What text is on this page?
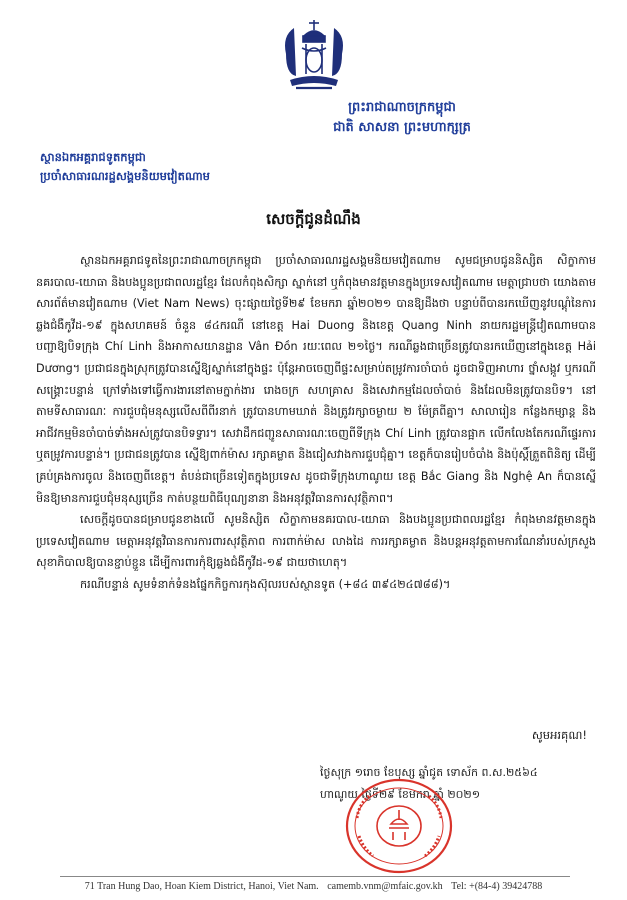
ព្រះរាជាណាចក្រកម្ពុជា
ជាតិ សាសនា ព្រះមហាក្សត្រ
ស្ថានឯកអគ្គរាជទូតកម្ពុជា
ប្រចាំសាធារណរដ្ឋសង្គមនិយមវៀតណាម
សេចក្តីជូនដំណឹង

ស្ថានឯកអគ្គរាជទូតនៃព្រះរាជាណាចក្រកម្ពុជា ប្រចាំសាធារណរដ្ឋសង្គមនិយមវៀតណាម សូមជម្រាបជូននិស្សិត សិក្ខាកាមនគរបាល-យោធា និងបងប្អូនប្រជាពលរដ្ឋខ្មែរ ដែលកំពុងសិក្សា ស្នាក់នៅ ឬកំពុងមានវត្តមានក្នុងប្រទេសវៀតណាម មេត្តាជ្រាបថា យោងតាមសារព័ត៌មានវៀតណាម (Viet Nam News) ចុះផ្សាយថ្ងៃទី២៩ ខែមករា ឆ្នាំ២០២១ បានឱ្យដឹងថា បន្ទាប់ពីបានរកឃើញនូវបណ្តុំនៃការឆ្លងជំងឺកូវីដ-១៩ ក្នុងសហគមន៍ ចំនួន ៨៤ករណី នៅខេត្ត Hai Duong និងខេត្ត Quang Ninh នាយករដ្ឋមន្ត្រីវៀតណាមបានបញ្ជាឱ្យបិទក្រុង Chí Linh និងអាកាសយានដ្ឋាន Vân Đồn រយៈពេល ២១ថ្ងៃ។ ករណីឆ្លងជាច្រើនត្រូវបានរកឃើញនៅក្នុងខេត្ត Hải Dương។ ប្រជាជនក្នុងស្រុកត្រូវបានស្នើឱ្យស្នាក់នៅក្នុងផ្ទះ ប៉ុន្តែអាចចេញពីផ្ទះសម្រាប់តម្រូវការចាំបាច់ ដូចជាទិញអាហារ ថ្នាំសង្កូវ ឬករណីសង្គ្រោះបន្ទាន់ ក្រៅទាំងទៅធ្វើការងារនៅតាមក្នាក់ងារ រោងចក្រ សហគ្រាស និងសេវាកម្មដែលចាំបាច់ និងដែលមិនត្រូវបានបិទ។ នៅតាមទីសាធារណៈ ការជួបជុំមនុស្សលើសពីពីរនាក់ ត្រូវបានហាមឃាត់ និងត្រូវរក្សាចម្ងាយ ២ ម៉ែត្រពីគ្នា។ សាលារៀន កន្លែងកម្សាន្ត និងអាជីវកម្មមិនចាំបាច់ទាំងអស់ត្រូវបានបិទទ្វារ។ សេវាដឹកជញ្ជូនសាធារណៈចេញពីទីក្រុង Chí Linh ត្រូវបានផ្អាក លើកលែងតែករណីផ្ទេរការ ឬតម្រូវការបន្ទាន់។ ប្រជាជនត្រូវបាន ស្នើឱ្យពាក់ម៉ាស រក្សាគម្លាត និងជៀសវាងការជួបជុំគ្នា។ ខេត្តក៏បានរៀបចំបាំង និងប៉ុស្តិ៍ត្រួតពិនិត្យ ដើម្បីគ្រប់គ្រងការចូល និងចេញពីខេត្ត។ តំបន់ជាច្រើនទៀតក្នុងប្រទេស ដូចជាទីក្រុងហាណូយ ខេត្ត Bắc Giang និង Nghệ An ក៏បានស្នើមិនឱ្យមានការជួបជុំមនុស្សច្រើន កាត់បន្ថយពិធីបុណ្យនានា និងអនុវត្តវិធានការសុវត្ថិភាព។

សេចក្តីដូចបានជម្រាបជូនខាងលើ សូមនិស្សិត សិក្ខាកាមនគរបាល-យោធា និងបងប្អូនប្រជាពលរដ្ឋខ្មែរ កំពុងមានវត្តមានក្នុងប្រទេសវៀតណាម មេត្តាអនុវត្តវិធានការការពារសុវត្ថិភាព ការពាក់ម៉ាស លាងដៃ ការរក្សាគម្លាត និងបន្តអនុវត្តតាមការណែនាំរបស់ក្រសួងសុខាភិបាលឱ្យបានខ្ជាប់ខ្ជួន ដើម្បីការពារកុំឱ្យឆ្លងជំងឺកូវីដ-១៩ ជាយថាហេតុ។

ករណីបន្ទាន់ សូមទំនាក់ទំនងផ្នែកកិច្ចការកុងស៊ុលរបស់ស្ថានទូត (+៨៤ ៣៩៤២៤៧៨៨)។

សូមអរគុណ!
ថ្ងៃសុក្រ ១រោច ខែបុស្ស ឆ្នាំជូត ទោស័ក ព.ស.២៥៦៤
ហាណូយ ថ្ងៃទី២៩ ខែមករា ឆ្នាំ ២០២១
71 Tran Hung Dao, Hoan Kiem District, Hanoi, Viet Nam. camemb.vnm@mfaic.gov.kh Tel: +(84-4) 39424788
